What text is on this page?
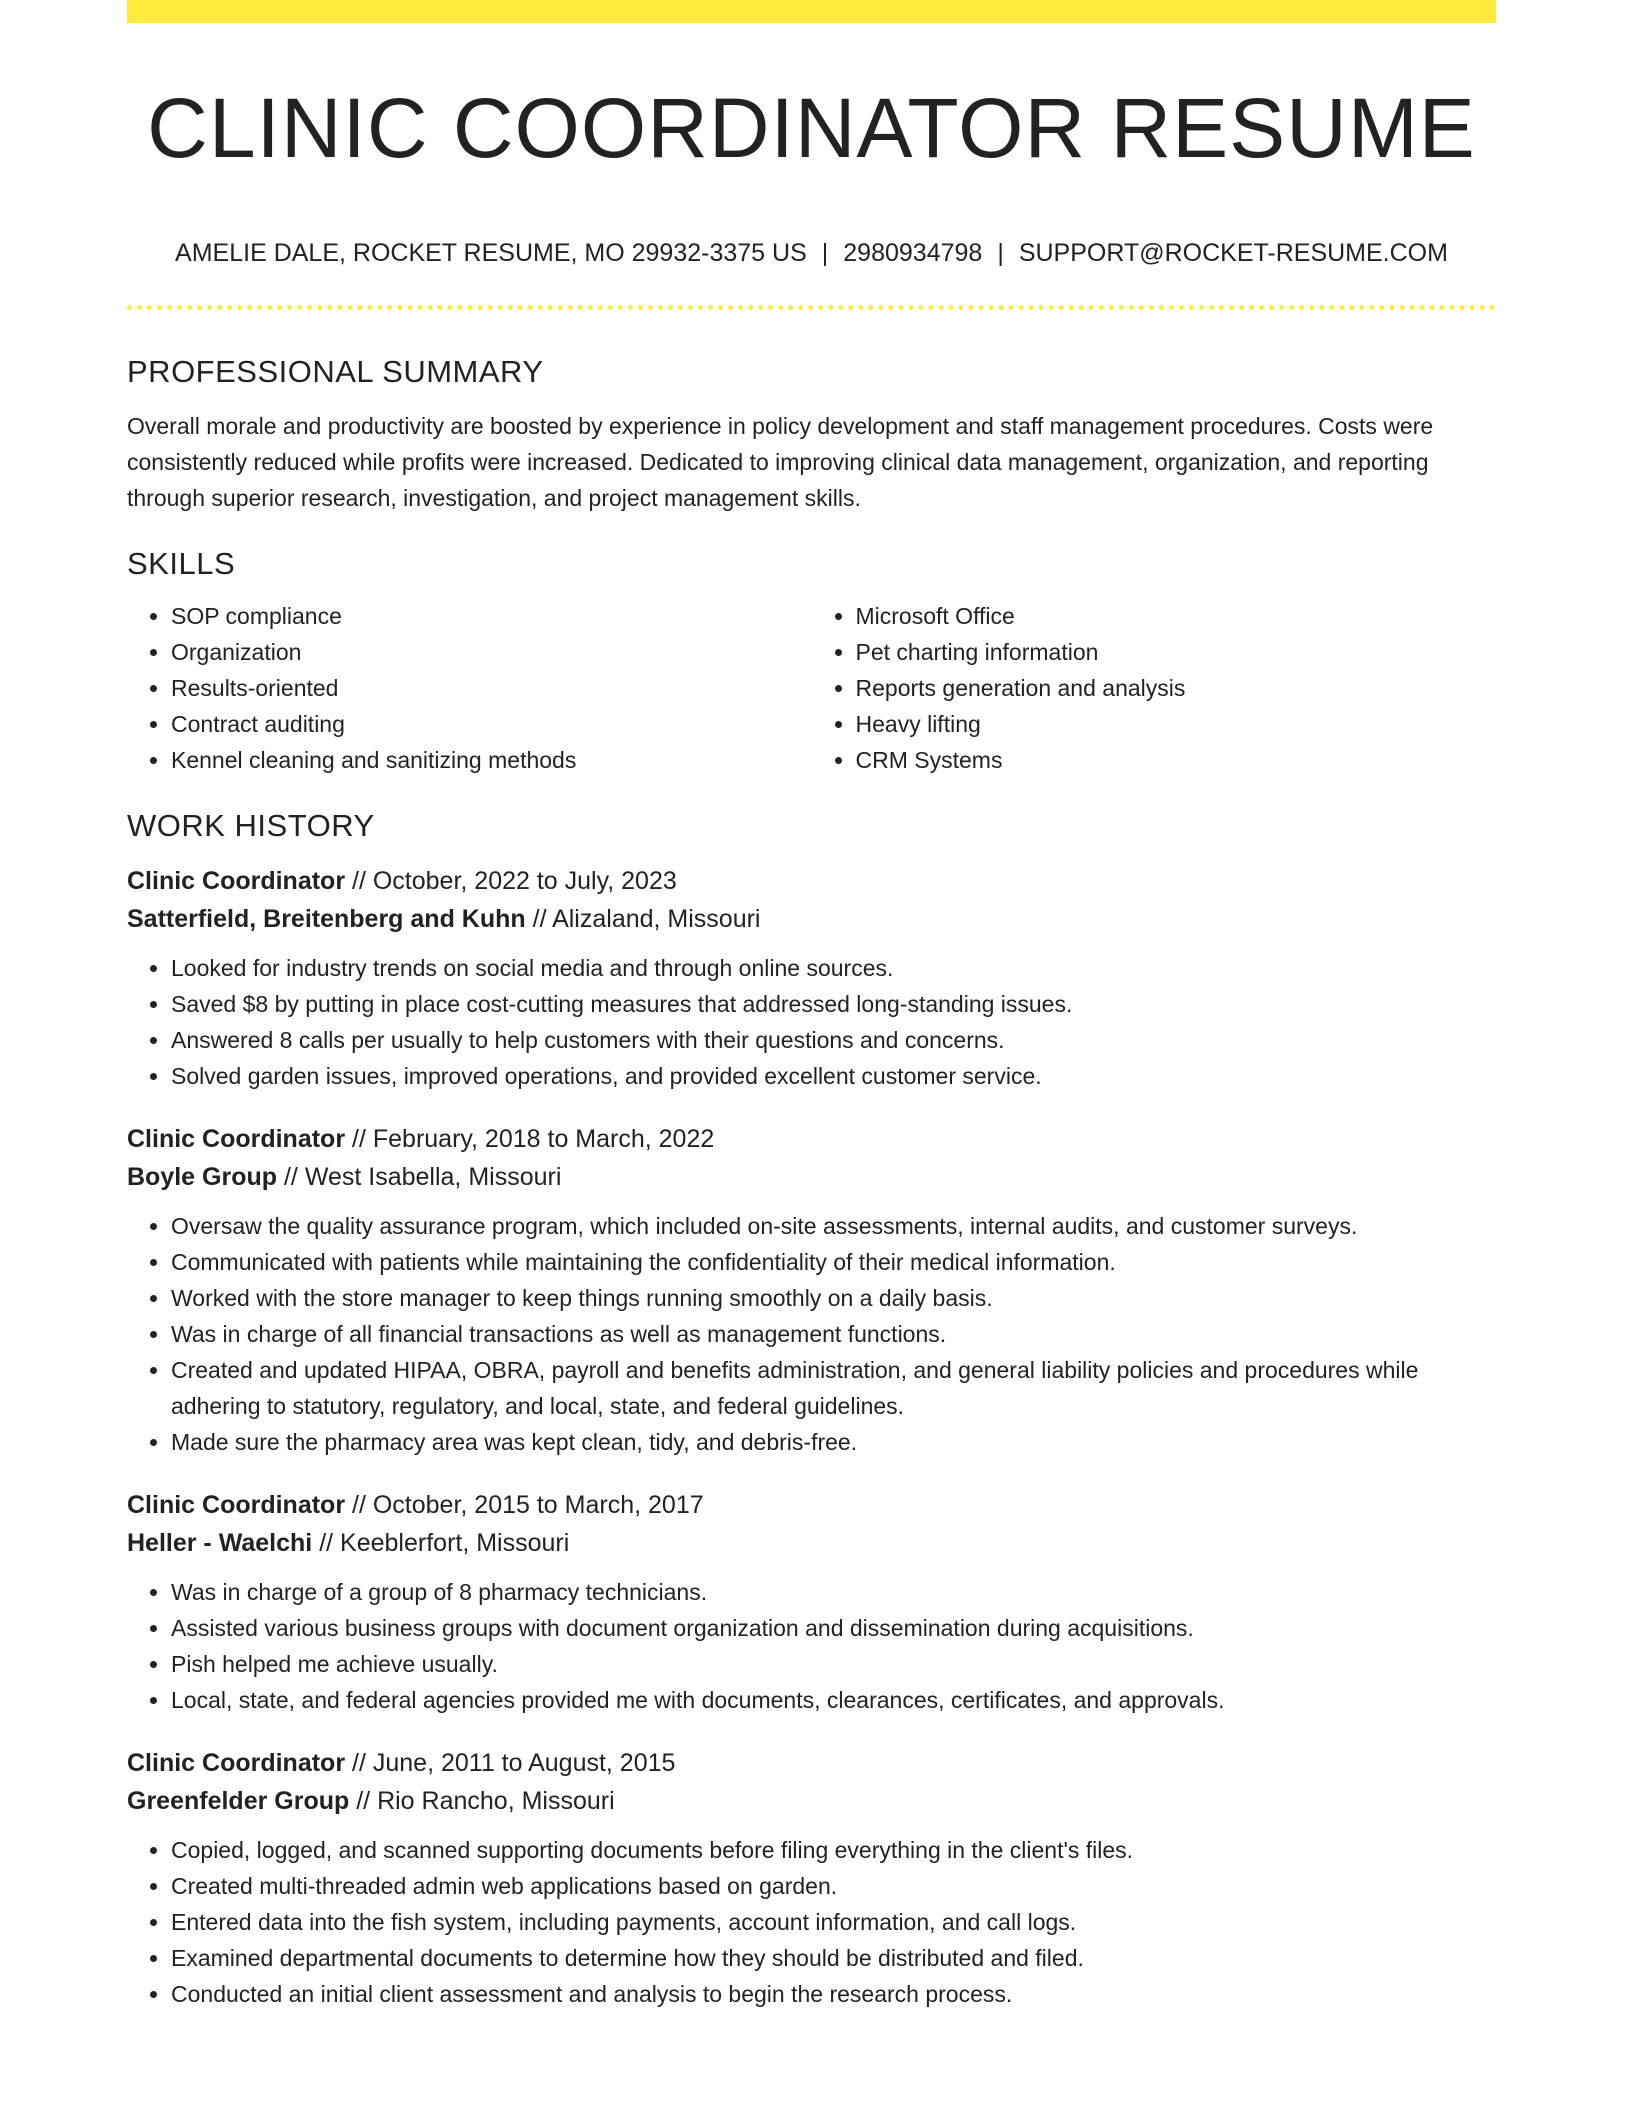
CLINIC COORDINATOR RESUME
AMELIE DALE, ROCKET RESUME, MO 29932-3375 US | 2980934798 | SUPPORT@ROCKET-RESUME.COM
PROFESSIONAL SUMMARY

Overall morale and productivity are boosted by experience in policy development and staff management procedures. Costs were consistently reduced while profits were increased. Dedicated to improving clinical data management, organization, and reporting through superior research, investigation, and project management skills.

SKILLS
• SOP compliance
• Organization
• Results-oriented
• Contract auditing
• Kennel cleaning and sanitizing methods
• Microsoft Office
• Pet charting information
• Reports generation and analysis
• Heavy lifting
• CRM Systems
WORK HISTORY

Clinic Coordinator // October, 2022 to July, 2023

Satterfield, Breitenberg and Kuhn // Alizaland, Missouri

• Looked for industry trends on social media and through online sources.
• Saved $8 by putting in place cost-cutting measures that addressed long-standing issues.
• Answered 8 calls per usually to help customers with their questions and concerns.
• Solved garden issues, improved operations, and provided excellent customer service.

Clinic Coordinator // February, 2018 to March, 2022

Boyle Group // West Isabella, Missouri

• Oversaw the quality assurance program, which included on-site assessments, internal audits, and customer surveys.
• Communicated with patients while maintaining the confidentiality of their medical information.
• Worked with the store manager to keep things running smoothly on a daily basis.
• Was in charge of all financial transactions as well as management functions.
• Created and updated HIPAA, OBRA, payroll and benefits administration, and general liability policies and procedures while adhering to statutory, regulatory, and local, state, and federal guidelines.
• Made sure the pharmacy area was kept clean, tidy, and debris-free.

Clinic Coordinator // October, 2015 to March, 2017

Heller - Waelchi // Keeblerfort, Missouri

• Was in charge of a group of 8 pharmacy technicians.
• Assisted various business groups with document organization and dissemination during acquisitions.
• Pish helped me achieve usually.
• Local, state, and federal agencies provided me with documents, clearances, certificates, and approvals.

Clinic Coordinator // June, 2011 to August, 2015

Greenfelder Group // Rio Rancho, Missouri

• Copied, logged, and scanned supporting documents before filing everything in the client's files.
• Created multi-threaded admin web applications based on garden.
• Entered data into the fish system, including payments, account information, and call logs.
• Examined departmental documents to determine how they should be distributed and filed.
• Conducted an initial client assessment and analysis to begin the research process.
